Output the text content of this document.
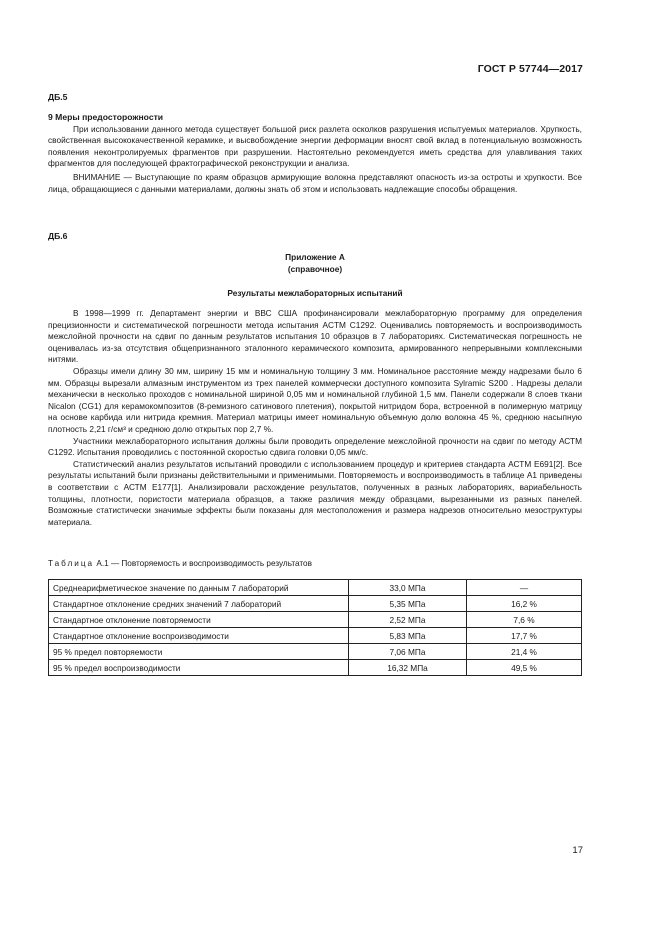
ГОСТ Р 57744—2017

ДБ.5

9 Меры предосторожности

При использовании данного метода существует большой риск разлета осколков разрушения испытуемых материалов. Хрупкость, свойственная высококачественной керамике, и высвобождение энергии деформации вносят свой вклад в потенциальную возможность появления неконтролируемых фрагментов при разрушении. Настоятельно рекомендуется иметь средства для улавливания таких фрагментов для последующей фрактографической реконструкции и анализа.

ВНИМАНИЕ — Выступающие по краям образцов армирующие волокна представляют опасность из-за остроты и хрупкости. Все лица, обращающиеся с данными материалами, должны знать об этом и использовать надлежащие способы обращения.

ДБ.6

Приложение А

(справочное)

Результаты межлабораторных испытаний

В 1998—1999 гг. Департамент энергии и ВВС США профинансировали межлабораторную программу для определения прецизионности и систематической погрешности метода испытания ACTM C1292. Оценивались повторяемость и воспроизводимость межслойной прочности на сдвиг по данным результатов испытания 10 образцов в 7 лабораториях. Систематическая погрешность не оценивалась из-за отсутствия общепризнанного эталонного керамического композита, армированного непрерывными комплексными нитями.

Образцы имели длину 30 мм, ширину 15 мм и номинальную толщину 3 мм. Номинальное расстояние между надрезами было 6 мм. Образцы вырезали алмазным инструментом из трех панелей коммерчески доступного композита Sylramic S200 . Надрезы делали механически в несколько проходов с номинальной шириной 0,05 мм и номинальной глубиной 1,5 мм. Панели содержали 8 слоев ткани Nicalon (CG1) для керамокомпозитов (8-ремизного сатинового плетения), покрытой нитридом бора, встроенной в полимерную матрицу на основе карбида или нитрида кремния. Материал матрицы имеет номинальную объемную долю волокна 45 %, среднюю насыпную плотность 2,21 г/см³ и среднюю долю открытых пор 2,7 %.

Участники межлабораторного испытания должны были проводить определение межслойной прочности на сдвиг по методу АСТМ С1292. Испытания проводились с постоянной скоростью сдвига головки 0,05 мм/с.

Статистический анализ результатов испытаний проводили с использованием процедур и критериев стандарта АСТМ Е691[2]. Все результаты испытаний были признаны действительными и применимыми. Повторяемость и воспроизводимость в таблице А1 приведены в соответствии с АСТМ Е177[1]. Анализировали расхождение результатов, полученных в разных лабораториях, вариабельность толщины, плотности, пористости материала образцов, а также различия между образцами, вырезанными из разных панелей. Возможные статистически значимые эффекты были показаны для местоположения и размера надрезов относительно мезоструктуры материала.

Таблица А.1 — Повторяемость и воспроизводимость результатов

Среднеарифметическое значение по данным 7 лабораторий	33,0 МПа	—
Стандартное отклонение средних значений 7 лабораторий	5,35 МПа	16,2 %
Стандартное отклонение повторяемости	2,52 МПа	7,6 %
Стандартное отклонение воспроизводимости	5,83 МПа	17,7 %
95 % предел повторяемости	7,06 МПа	21,4 %
95 % предел воспроизводимости	16,32 МПа	49,5 %
17
